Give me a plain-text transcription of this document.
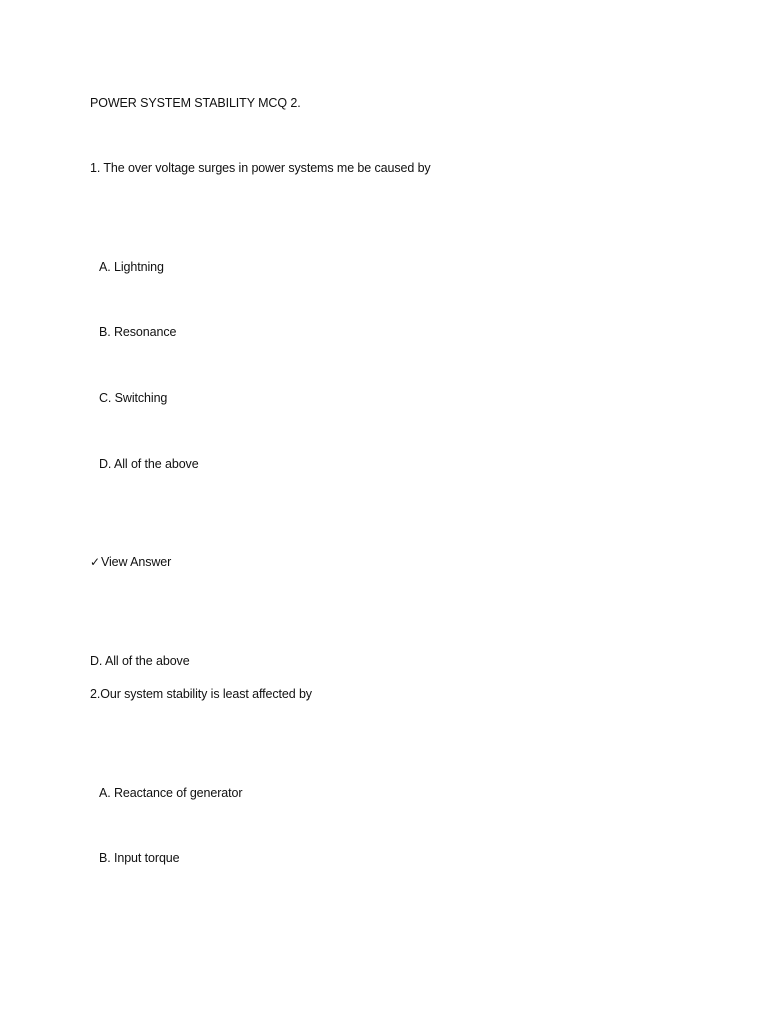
POWER SYSTEM STABILITY MCQ 2.
1. The over voltage surges in power systems me be caused by
A. Lightning
B. Resonance
C. Switching
D. All of the above
✓View Answer
D. All of the above
2.Our system stability is least affected by
A. Reactance of generator
B. Input torque
